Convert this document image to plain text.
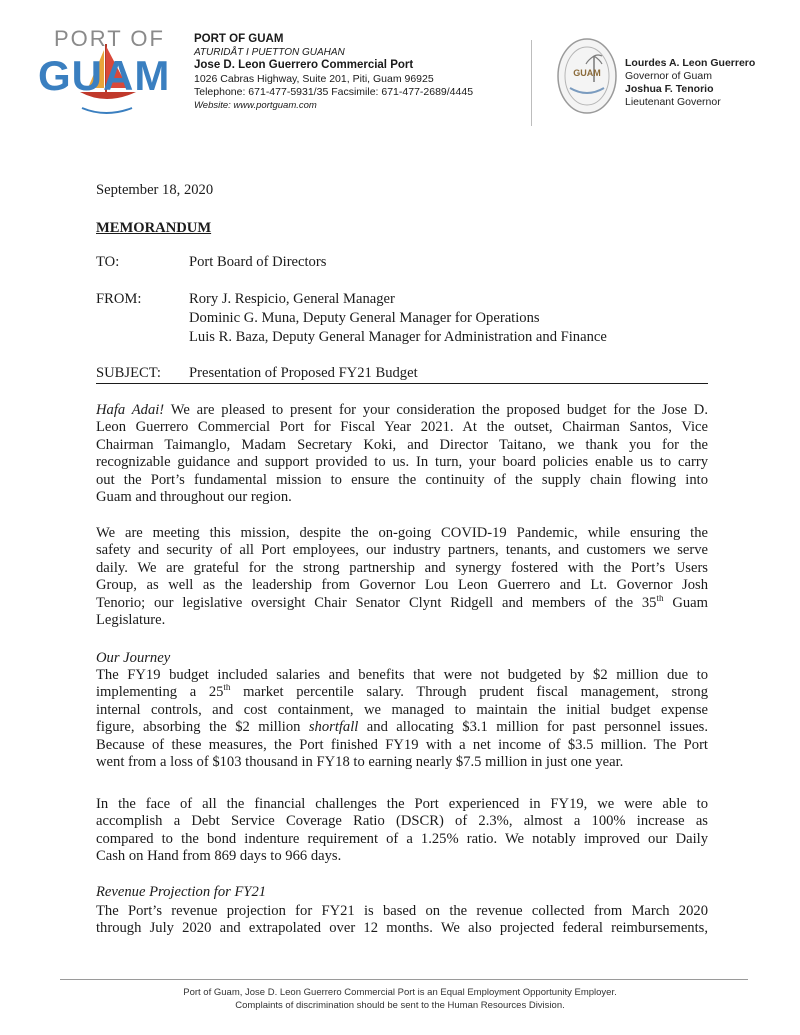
PORT OF
GUAM
PORT OF GUAM
ATURIDÅT I PUETTON GUAHAN
Jose D. Leon Guerrero Commercial Port
1026 Cabras Highway, Suite 201, Piti, Guam 96925
Telephone: 671-477-5931/35 Facsimile: 671-477-2689/4445
Website: www.portguam.com
GUAM
Lourdes A. Leon Guerrero
Governor of Guam
Joshua F. Tenorio
Lieutenant Governor
September 18, 2020
MEMORANDUM
TO:	Port Board of Directors
FROM:	Rory J. Respicio, General Manager
Dominic G. Muna, Deputy General Manager for Operations
Luis R. Baza, Deputy General Manager for Administration and Finance
SUBJECT: Presentation of Proposed FY21 Budget
Hafa Adai! We are pleased to present for your consideration the proposed budget for the Jose D.
Leon Guerrero Commercial Port for Fiscal Year 2021. At the outset, Chairman Santos, Vice
Chairman Taimanglo, Madam Secretary Koki, and Director Taitano, we thank you for the
recognizable guidance and support provided to us. In turn, your board policies enable us to carry
out the Port’s fundamental mission to ensure the continuity of the supply chain flowing into
Guam and throughout our region.
We are meeting this mission, despite the on-going COVID-19 Pandemic, while ensuring the
safety and security of all Port employees, our industry partners, tenants, and customers we serve
daily. We are grateful for the strong partnership and synergy fostered with the Port’s Users
Group, as well as the leadership from Governor Lou Leon Guerrero and Lt. Governor Josh
Tenorio; our legislative oversight Chair Senator Clynt Ridgell and members of the 35th Guam
Legislature.
Our Journey
The FY19 budget included salaries and benefits that were not budgeted by $2 million due to
implementing a 25th market percentile salary. Through prudent fiscal management, strong
internal controls, and cost containment, we managed to maintain the initial budget expense
figure, absorbing the $2 million shortfall and allocating $3.1 million for past personnel issues.
Because of these measures, the Port finished FY19 with a net income of $3.5 million. The Port
went from a loss of $103 thousand in FY18 to earning nearly $7.5 million in just one year.
In the face of all the financial challenges the Port experienced in FY19, we were able to
accomplish a Debt Service Coverage Ratio (DSCR) of 2.3%, almost a 100% increase as
compared to the bond indenture requirement of a 1.25% ratio. We notably improved our Daily
Cash on Hand from 869 days to 966 days.
Revenue Projection for FY21
The Port’s revenue projection for FY21 is based on the revenue collected from March 2020
through July 2020 and extrapolated over 12 months. We also projected federal reimbursements,
Port of Guam, Jose D. Leon Guerrero Commercial Port is an Equal Employment Opportunity Employer.
Complaints of discrimination should be sent to the Human Resources Division.
